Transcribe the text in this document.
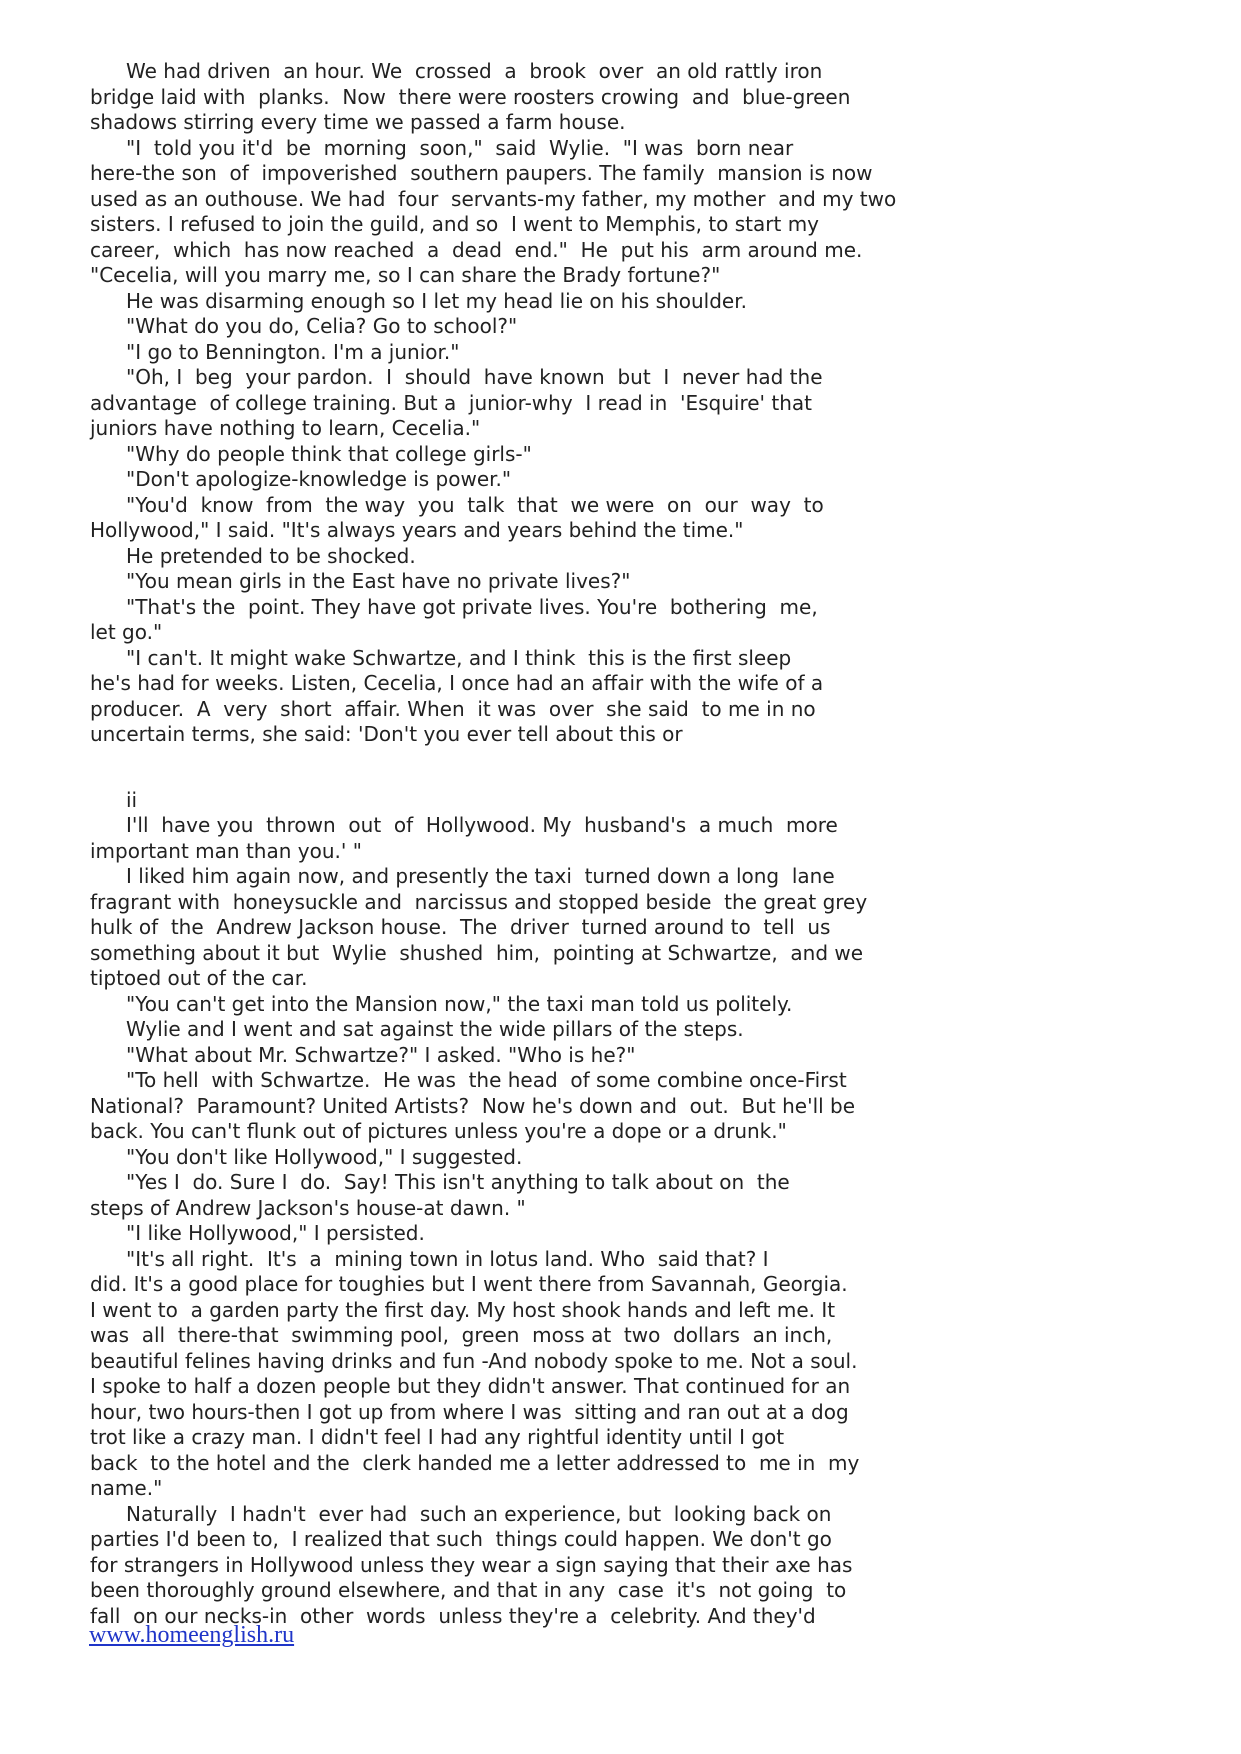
We had driven  an hour. We  crossed  a  brook  over  an old rattly iron
bridge laid with  planks.  Now  there were roosters crowing  and  blue-green
shadows stirring every time we passed a farm house.
"I  told you it'd  be  morning  soon,"  said  Wylie.  "I was  born near
here-the son  of  impoverished  southern paupers. The family  mansion is now
used as an outhouse. We had  four  servants-my father, my mother  and my two
sisters. I refused to join the guild, and so  I went to Memphis, to start my
career,  which  has now reached  a  dead  end."  He  put his  arm around me.
"Cecelia, will you marry me, so I can share the Brady fortune?"
He was disarming enough so I let my head lie on his shoulder.
"What do you do, Celia? Go to school?"
"I go to Bennington. I'm a junior."
"Oh, I  beg  your pardon.  I  should  have known  but  I  never had the
advantage  of college training. But a  junior-why  I read in  'Esquire' that
juniors have nothing to learn, Cecelia."
"Why do people think that college girls-"
"Don't apologize-knowledge is power."
"You'd  know  from  the way  you  talk  that  we were  on  our  way  to
Hollywood," I said. "It's always years and years behind the time."
He pretended to be shocked.
"You mean girls in the East have no private lives?"
"That's the  point. They have got private lives. You're  bothering  me,
let go."
"I can't. It might wake Schwartze, and I think  this is the first sleep
he's had for weeks. Listen, Cecelia, I once had an affair with the wife of a
producer.  A  very  short  affair. When  it was  over  she said  to me in no
uncertain terms, she said: 'Don't you ever tell about this or
ii
I'll  have you  thrown  out  of  Hollywood. My  husband's  a much  more
important man than you.' "
I liked him again now, and presently the taxi  turned down a long  lane
fragrant with  honeysuckle and  narcissus and stopped beside  the great grey
hulk of  the  Andrew Jackson house.  The  driver  turned around to  tell  us
something about it but  Wylie  shushed  him,  pointing at Schwartze,  and we
tiptoed out of the car.
"You can't get into the Mansion now," the taxi man told us politely.
Wylie and I went and sat against the wide pillars of the steps.
"What about Mr. Schwartze?" I asked. "Who is he?"
"To hell  with Schwartze.  He was  the head  of some combine once-First
National?  Paramount? United Artists?  Now he's down and  out.  But he'll be
back. You can't flunk out of pictures unless you're a dope or a drunk."
"You don't like Hollywood," I suggested.
"Yes I  do. Sure I  do.  Say! This isn't anything to talk about on  the
steps of Andrew Jackson's house-at dawn. "
"I like Hollywood," I persisted.
"It's all right.  It's  a  mining town in lotus land. Who  said that? I
did. It's a good place for toughies but I went there from Savannah, Georgia.
I went to  a garden party the first day. My host shook hands and left me. It
was  all  there-that  swimming pool,  green  moss at  two  dollars  an inch,
beautiful felines having drinks and fun -And nobody spoke to me. Not a soul.
I spoke to half a dozen people but they didn't answer. That continued for an
hour, two hours-then I got up from where I was  sitting and ran out at a dog
trot like a crazy man. I didn't feel I had any rightful identity until I got
back  to the hotel and the  clerk handed me a letter addressed to  me in  my
name."
Naturally  I hadn't  ever had  such an experience, but  looking back on
parties I'd been to,  I realized that such  things could happen. We don't go
for strangers in Hollywood unless they wear a sign saying that their axe has
been thoroughly ground elsewhere, and that in any  case  it's  not going  to
fall  on our necks-in  other  words  unless they're a  celebrity. And they'd
www.homeenglish.ru
